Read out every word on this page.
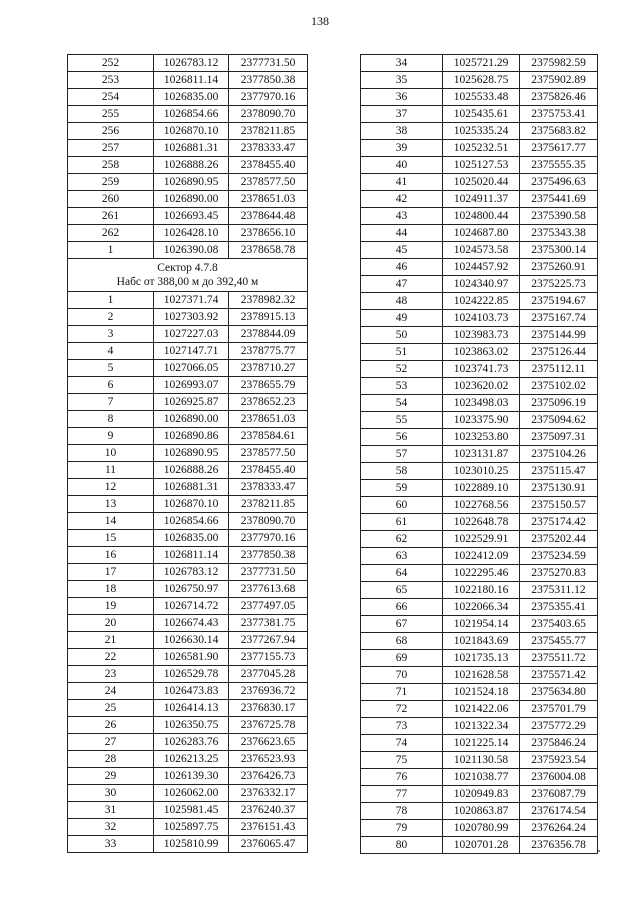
138
252	1026783.12	2377731.50
253	1026811.14	2377850.38
254	1026835.00	2377970.16
255	1026854.66	2378090.70
256	1026870.10	2378211.85
257	1026881.31	2378333.47
258	1026888.26	2378455.40
259	1026890.95	2378577.50
260	1026890.00	2378651.03
261	1026693.45	2378644.48
262	1026428.10	2378656.10
1	1026390.08	2378658.78
Сектор 4.7.8
Набс от 388,00 м до 392,40 м		
1	1027371.74	2378982.32
2	1027303.92	2378915.13
3	1027227.03	2378844.09
4	1027147.71	2378775.77
5	1027066.05	2378710.27
6	1026993.07	2378655.79
7	1026925.87	2378652.23
8	1026890.00	2378651.03
9	1026890.86	2378584.61
10	1026890.95	2378577.50
11	1026888.26	2378455.40
12	1026881.31	2378333.47
13	1026870.10	2378211.85
14	1026854.66	2378090.70
15	1026835.00	2377970.16
16	1026811.14	2377850.38
17	1026783.12	2377731.50
18	1026750.97	2377613.68
19	1026714.72	2377497.05
20	1026674.43	2377381.75
21	1026630.14	2377267.94
22	1026581.90	2377155.73
23	1026529.78	2377045.28
24	1026473.83	2376936.72
25	1026414.13	2376830.17
26	1026350.75	2376725.78
27	1026283.76	2376623.65
28	1026213.25	2376523.93
29	1026139.30	2376426.73
30	1026062.00	2376332.17
31	1025981.45	2376240.37
32	1025897.75	2376151.43
33	1025810.99	2376065.47
34	1025721.29	2375982.59
35	1025628.75	2375902.89
36	1025533.48	2375826.46
37	1025435.61	2375753.41
38	1025335.24	2375683.82
39	1025232.51	2375617.77
40	1025127.53	2375555.35
41	1025020.44	2375496.63
42	1024911.37	2375441.69
43	1024800.44	2375390.58
44	1024687.80	2375343.38
45	1024573.58	2375300.14
46	1024457.92	2375260.91
47	1024340.97	2375225.73
48	1024222.85	2375194.67
49	1024103.73	2375167.74
50	1023983.73	2375144.99
51	1023863.02	2375126.44
52	1023741.73	2375112.11
53	1023620.02	2375102.02
54	1023498.03	2375096.19
55	1023375.90	2375094.62
56	1023253.80	2375097.31
57	1023131.87	2375104.26
58	1023010.25	2375115.47
59	1022889.10	2375130.91
60	1022768.56	2375150.57
61	1022648.78	2375174.42
62	1022529.91	2375202.44
63	1022412.09	2375234.59
64	1022295.46	2375270.83
65	1022180.16	2375311.12
66	1022066.34	2375355.41
67	1021954.14	2375403.65
68	1021843.69	2375455.77
69	1021735.13	2375511.72
70	1021628.58	2375571.42
71	1021524.18	2375634.80
72	1021422.06	2375701.79
73	1021322.34	2375772.29
74	1021225.14	2375846.24
75	1021130.58	2375923.54
76	1021038.77	2376004.08
77	1020949.83	2376087.79
78	1020863.87	2376174.54
79	1020780.99	2376264.24
80	1020701.28	2376356.78
